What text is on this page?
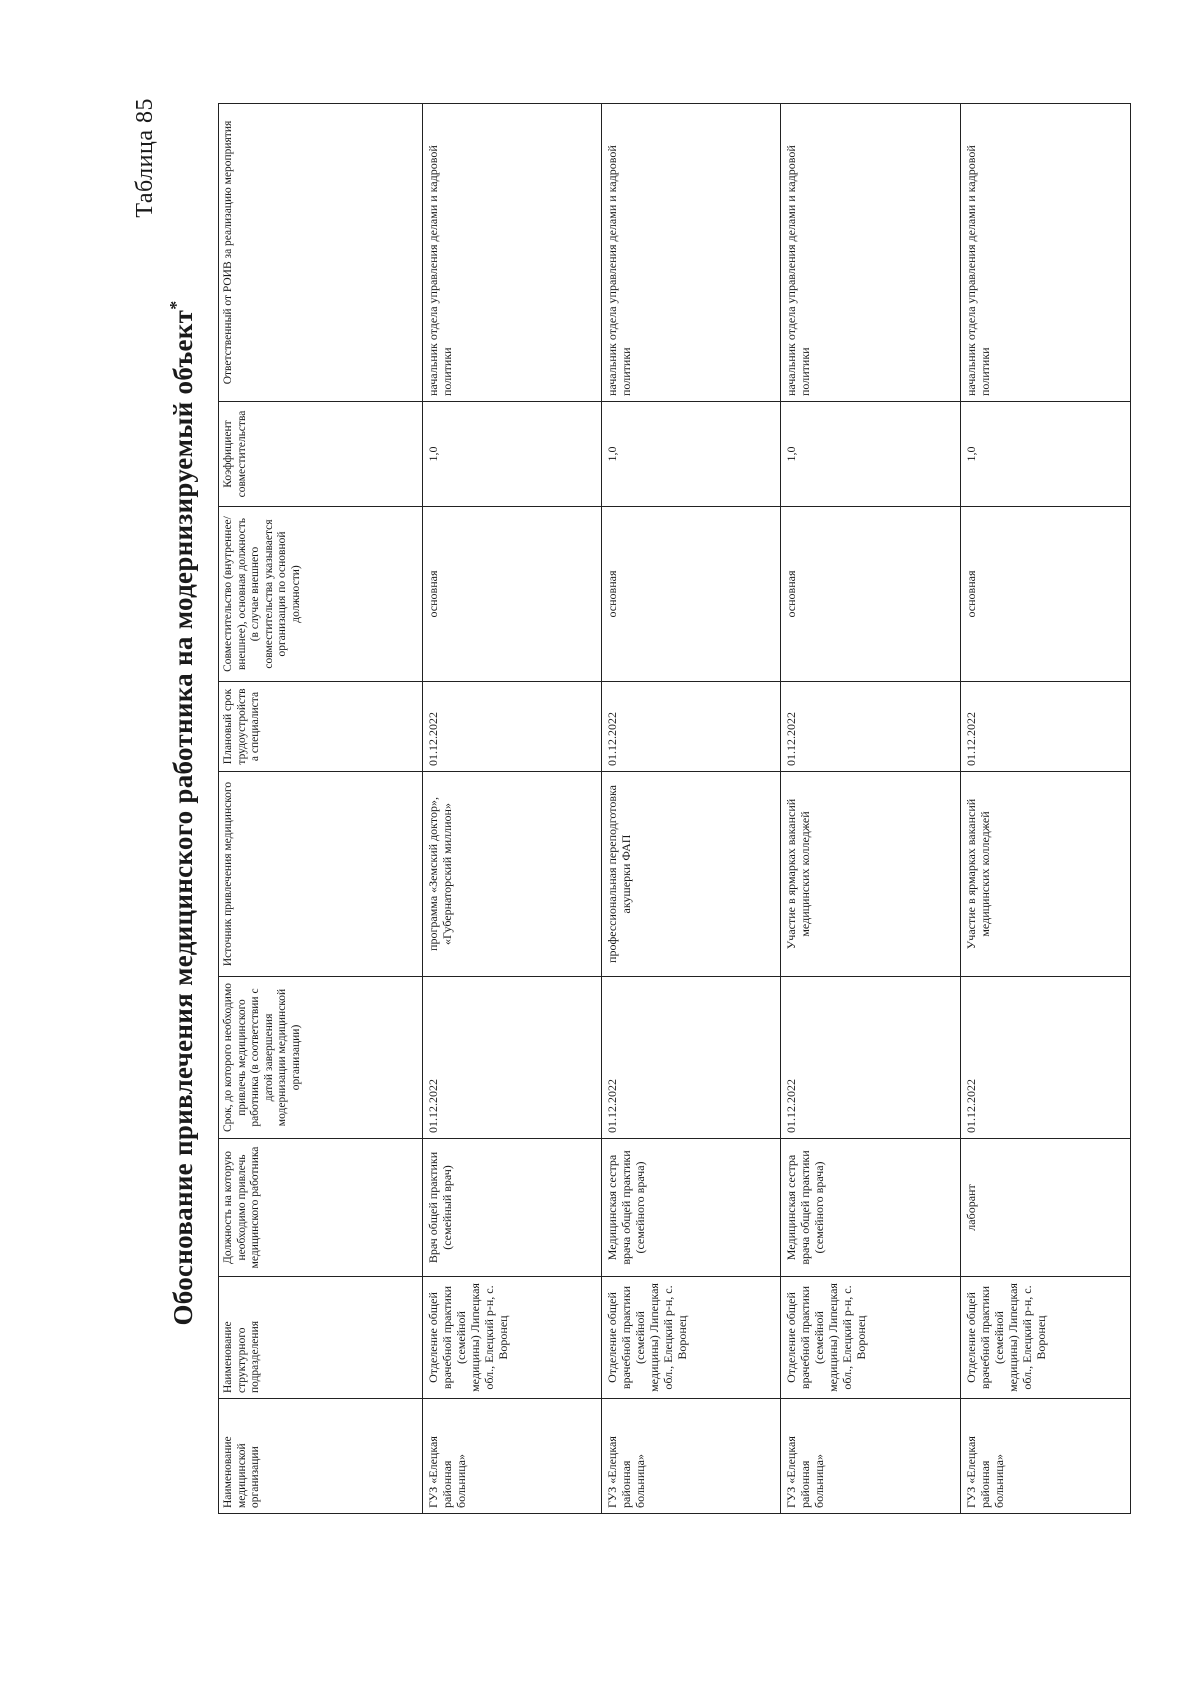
Таблица 85
Обоснование привлечения медицинского работника на модернизируемый объект*
Наименование медицинской организации	Наименование структурного подразделения	Должность на которую необходимо привлечь медицинского работника	Срок, до которого необходимо привлечь медицинского работника (в соответствии с датой завершения модернизации медицинской организации)	Источник привлечения медицинского	Плановый срок трудоустройства специалиста	Совместительство (внутреннее/внешнее), основная должность (в случае внешнего совместительства указывается организация по основной должности)	Коэффициент совместительства	Ответственный от РОИВ за реализацию мероприятия
ГУЗ «Елецкая районная больница»	Отделение общей врачебной практики (семейной медицины) Липецкая обл., Елецкий р-н, с. Воронец	Врач общей практики (семейный врач)	01.12.2022	программа «Земский доктор», «Губернаторский миллион»	01.12.2022	основная	1,0	начальник отдела управления делами и кадровой политики
ГУЗ «Елецкая районная больница»	Отделение общей врачебной практики (семейной медицины) Липецкая обл., Елецкий р-н, с. Воронец	Медицинская сестра врача общей практики (семейного врача)	01.12.2022	профессиональная переподготовка акушерки ФАП	01.12.2022	основная	1,0	начальник отдела управления делами и кадровой политики
ГУЗ «Елецкая районная больница»	Отделение общей врачебной практики (семейной медицины) Липецкая обл., Елецкий р-н, с. Воронец	Медицинская сестра врача общей практики (семейного врача)	01.12.2022	Участие в ярмарках вакансий медицинских колледжей	01.12.2022	основная	1,0	начальник отдела управления делами и кадровой политики
ГУЗ «Елецкая районная больница»	Отделение общей врачебной практики (семейной медицины) Липецкая обл., Елецкий р-н, с. Воронец	лаборант	01.12.2022	Участие в ярмарках вакансий медицинских колледжей	01.12.2022	основная	1,0	начальник отдела управления делами и кадровой политики
